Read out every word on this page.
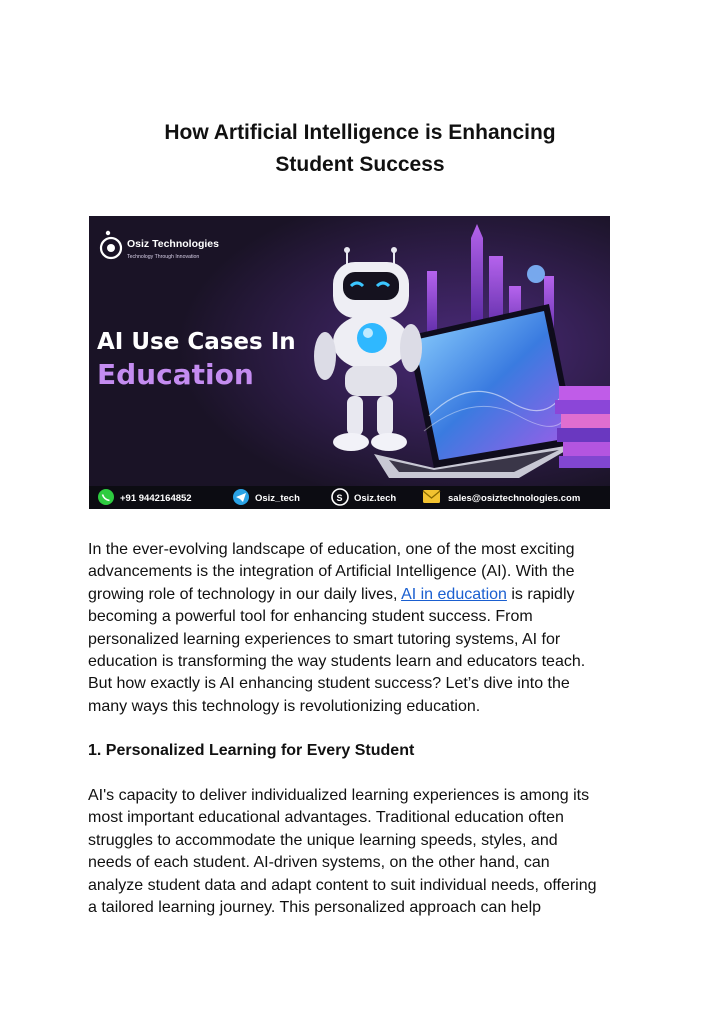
How Artificial Intelligence is Enhancing
Student Success
Osiz Technologies
Technology Through Innovation
AI Use Cases In
Education
+91 9442164852	Osiz_tech	S Osiz.tech	sales@osiztechnologies.com
In the ever-evolving landscape of education, one of the most exciting
advancements is the integration of Artificial Intelligence (AI). With the
growing role of technology in our daily lives, AI in education is rapidly
becoming a powerful tool for enhancing student success. From
personalized learning experiences to smart tutoring systems, AI for
education is transforming the way students learn and educators teach.
But how exactly is AI enhancing student success? Let’s dive into the
many ways this technology is revolutionizing education.
1. Personalized Learning for Every Student
AI's capacity to deliver individualized learning experiences is among its
most important educational advantages. Traditional education often
struggles to accommodate the unique learning speeds, styles, and
needs of each student. AI-driven systems, on the other hand, can
analyze student data and adapt content to suit individual needs, offering
a tailored learning journey. This personalized approach can help
